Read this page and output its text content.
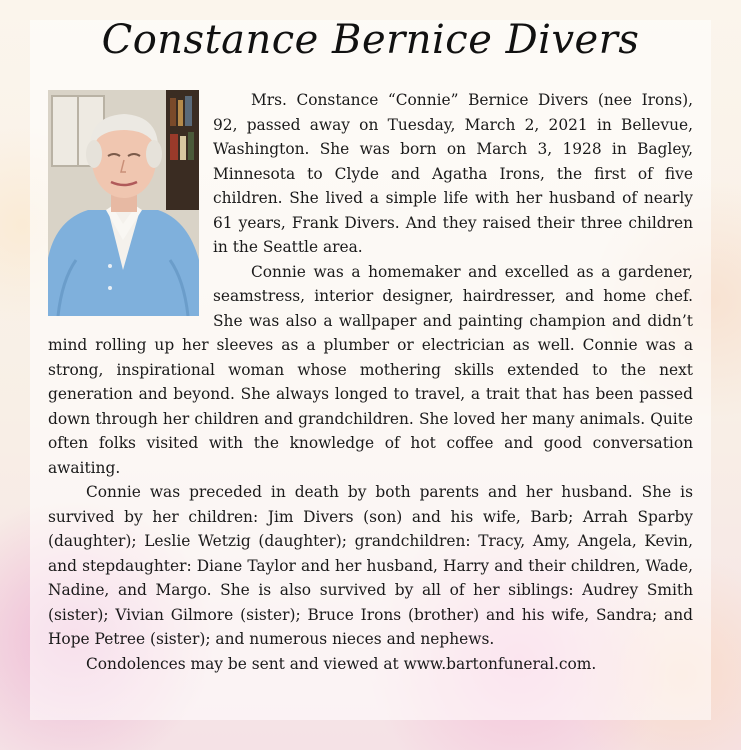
Constance Bernice Divers

Mrs. Constance “Connie” Bernice Divers (nee Irons), 92, passed away on Tuesday, March 2, 2021 in Bellevue, Washington. She was born on March 3, 1928 in Bagley, Minnesota to Clyde and Agatha Irons, the first of five children. She lived a simple life with her husband of nearly 61 years, Frank Divers. And they raised their three children in the Seattle area.

Connie was a homemaker and excelled as a gardener, seamstress, interior designer, hairdresser, and home chef. She was also a wallpaper and painting champion and didn’t mind rolling up her sleeves as a plumber or electrician as well. Connie was a strong, inspirational woman whose mothering skills extended to the next generation and beyond. She always longed to travel, a trait that has been passed down through her children and grandchildren. She loved her many animals. Quite often folks visited with the knowledge of hot coffee and good conversation awaiting.

Connie was preceded in death by both parents and her husband. She is survived by her children: Jim Divers (son) and his wife, Barb; Arrah Sparby (daughter); Leslie Wetzig (daughter); grandchildren: Tracy, Amy, Angela, Kevin, and stepdaughter: Diane Taylor and her husband, Harry and their children, Wade, Nadine, and Margo. She is also survived by all of her siblings: Audrey Smith (sister); Vivian Gilmore (sister); Bruce Irons (brother) and his wife, Sandra; and Hope Petree (sister); and numerous nieces and nephews.

Condolences may be sent and viewed at www.bartonfuneral.com.
